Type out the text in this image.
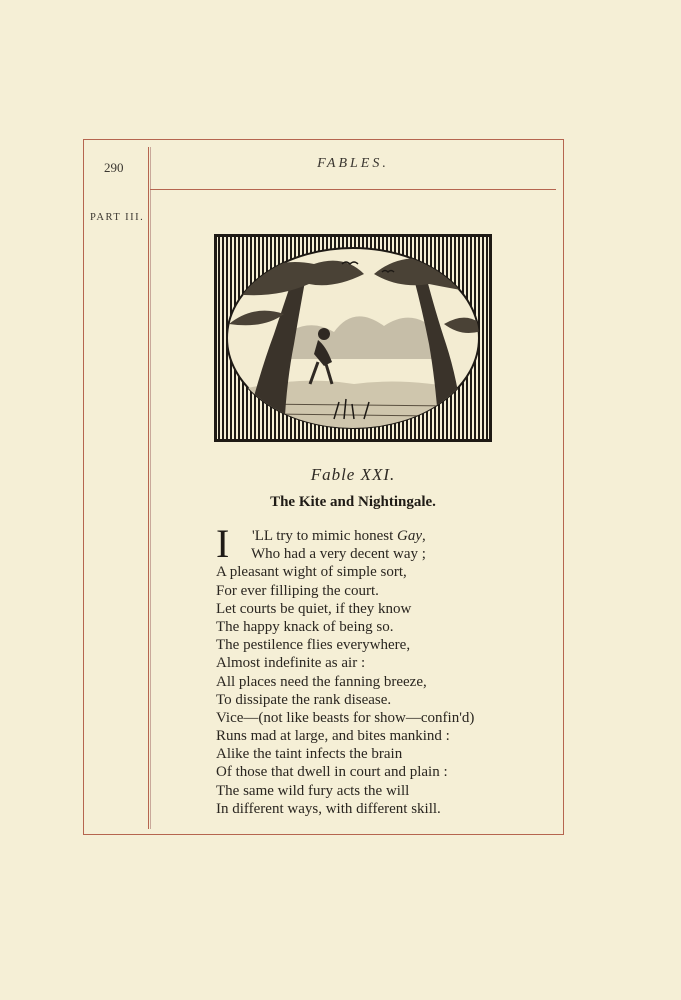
290	FABLES.
PART III.
Fable XXI.
The Kite and Nightingale.
I 'LL try to mimic honest Gay,
Who had a very decent way ;
A pleasant wight of simple sort,
For ever filliping the court.
Let courts be quiet, if they know
The happy knack of being so.
The pestilence flies everywhere,
Almost indefinite as air :
All places need the fanning breeze,
To dissipate the rank disease.
Vice—(not like beasts for show—confin'd)
Runs mad at large, and bites mankind :
Alike the taint infects the brain
Of those that dwell in court and plain :
The same wild fury acts the will
In different ways, with different skill.
